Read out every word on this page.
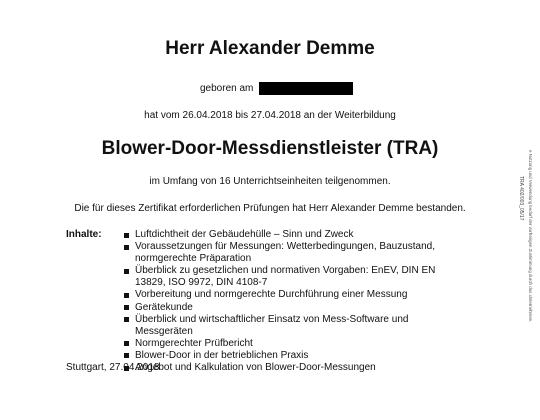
Herr Alexander Demme
geboren am
hat vom 26.04.2018 bis 27.04.2018 an der Weiterbildung
Blower-Door-Messdienstleister (TRA)
im Umfang von 16 Unterrichtseinheiten teilgenommen.
Die für dieses Zertifikat erforderlichen Prüfungen hat Herr Alexander Demme bestanden.
Inhalte:	Luftdichtheit der Gebäudehülle – Sinn und Zweck
Voraussetzungen für Messungen: Wetterbedingungen, Bauzustand, normgerechte Präparation
Überblick zu gesetzlichen und normativen Vorgaben: EnEV, DIN EN 13829, ISO 9972, DIN 4108-7
Vorbereitung und normgerechte Durchführung einer Messung
Gerätekunde
Überblick und wirtschaftlicher Einsatz von Mess-Software und Messgeräten
Normgerechter Prüfbericht
Blower-Door in der betrieblichen Praxis
Angebot und Kalkulation von Blower-Door-Messungen
Stuttgart, 27.04.2018
TRA 402/003_05/17 e Nutzung und Verwendung bedarf der vorherigen Zustimmung durch das Unternehmen.
